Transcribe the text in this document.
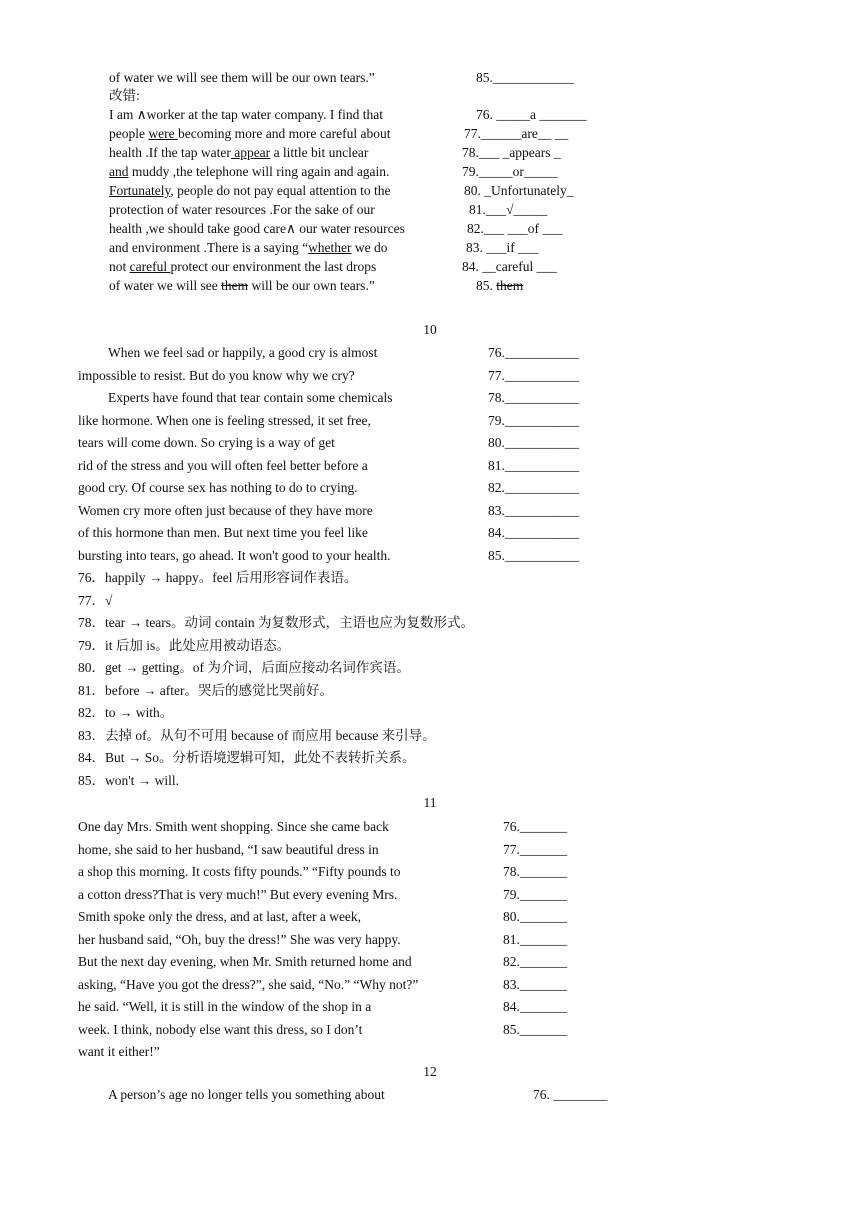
of water we will see them will be our own tears.”	85.____________
改错:
I am ∧worker at the tap water company. I find that	76. _____a _______
people were becoming more and more careful about	77.______are__ __
health .If the tap water appear a little bit unclear	78.___ _appears _
and muddy ,the telephone will ring again and again.	79._____or_____
Fortunately, people do not pay equal attention to the	80. _Unfortunately_
protection of water resources .For the sake of our	81.___√_____
health ,we should take good care∧ our water resources	82.___ ___of ___
and environment .There is a saying “whether we do	83. ___if ___
not careful protect our environment the last drops	84. __careful ___
of water we will see them will be our own tears.”	85. them
10
When we feel sad or happily, a good cry is almost	76.___________
impossible to resist. But do you know why we cry?	77.___________
Experts have found that tear contain some chemicals	78.___________
like hormone. When one is feeling stressed, it set free,	79.___________
tears will come down. So crying is a way of get	80.___________
rid of the stress and you will often feel better before a	81.___________
good cry. Of course sex has nothing to do to crying.	82.___________
Women cry more often just because of they have more	83.___________
of this hormone than men. But next time you feel like	84.___________
bursting into tears, go ahead. It won't good to your health.	85.___________
76．happily → happy。feel 后用形容词作表语。
77．√
78．tear → tears。动词 contain 为复数形式，主语也应为复数形式。
79．it 后加 is。此处应用被动语态。
80．get → getting。of 为介词，后面应接动名词作宾语。
81．before → after。哭后的感觉比哭前好。
82．to → with。
83．去掉 of。从句不可用 because of 而应用 because 来引导。
84．But → So。分析语境逻辑可知，此处不表转折关系。
85．won't → will.
11
One day Mrs. Smith went shopping. Since she came back	76._______
home, she said to her husband, “I saw beautiful dress in	77._______
a shop this morning. It costs fifty pounds.” “Fifty pounds to	78._______
a cotton dress?That is very much!” But every evening Mrs.	79._______
Smith spoke only the dress, and at last, after a week,	80._______
her husband said, “Oh, buy the dress!” She was very happy.	81._______
But the next day evening, when Mr. Smith returned home and	82._______
asking, “Have you got the dress?”, she said, “No.” “Why not?”	83._______
he said. “Well, it is still in the window of the shop in a	84._______
week. I think, nobody else want this dress, so I don’t	85._______
want it either!”
12
A person’s age no longer tells you something about	76. ________
